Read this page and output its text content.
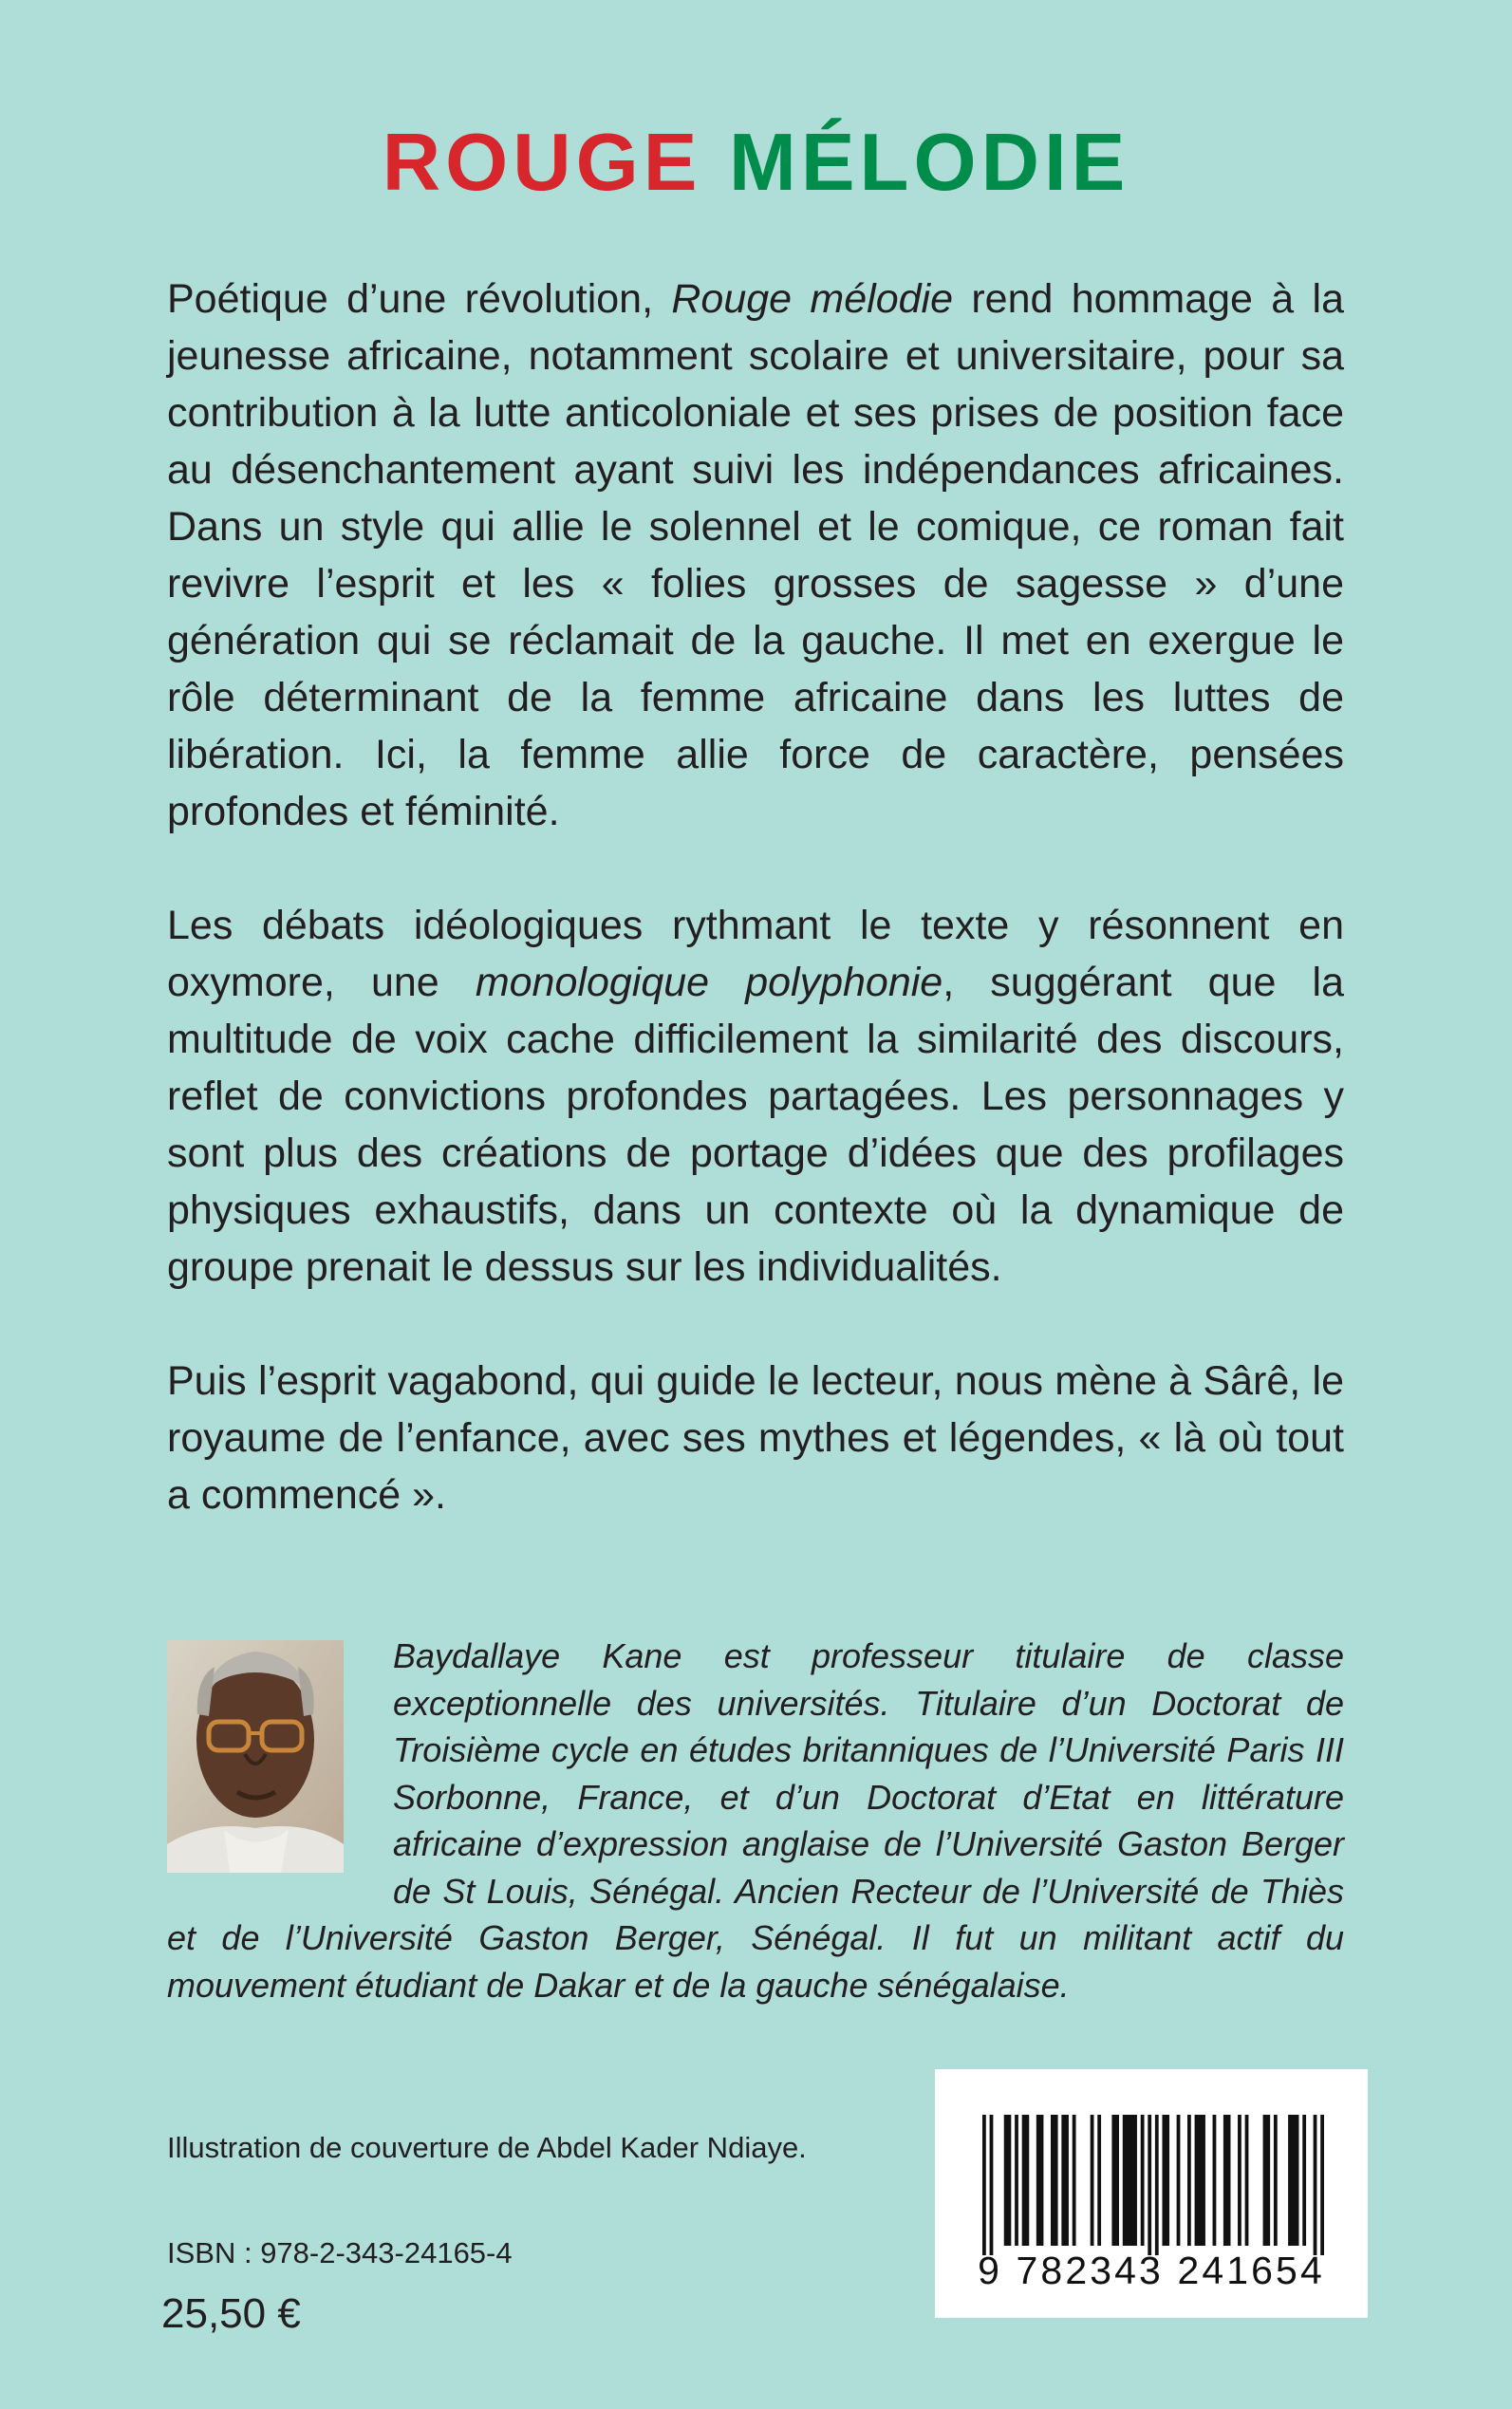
ROUGE MÉLODIE

Poétique d’une révolution, Rouge mélodie rend hommage à la jeunesse africaine, notamment scolaire et universitaire, pour sa contribution à la lutte anticoloniale et ses prises de position face au désenchantement ayant suivi les indépendances africaines. Dans un style qui allie le solennel et le comique, ce roman fait revivre l’esprit et les « folies grosses de sagesse » d’une génération qui se réclamait de la gauche. Il met en exergue le rôle déterminant de la femme africaine dans les luttes de libération. Ici, la femme allie force de caractère, pensées profondes et féminité.

Les débats idéologiques rythmant le texte y résonnent en oxymore, une monologique polyphonie, suggérant que la multitude de voix cache difficilement la similarité des discours, reflet de convictions profondes partagées. Les personnages y sont plus des créations de portage d’idées que des profilages physiques exhaustifs, dans un contexte où la dynamique de groupe prenait le dessus sur les individualités.

Puis l’esprit vagabond, qui guide le lecteur, nous mène à Sârê, le royaume de l’enfance, avec ses mythes et légendes, « là où tout a commencé ».

Baydallaye Kane est professeur titulaire de classe exceptionnelle des universités. Titulaire d’un Doctorat de Troisième cycle en études britanniques de l’Université Paris III Sorbonne, France, et d’un Doctorat d’Etat en littérature africaine d’expression anglaise de l’Université Gaston Berger de St Louis, Sénégal. Ancien Recteur de l’Université de Thiès et de l’Université Gaston Berger, Sénégal. Il fut un militant actif du mouvement étudiant de Dakar et de la gauche sénégalaise.

Illustration de couverture de Abdel Kader Ndiaye.
ISBN : 978-2-343-24165-4
25,50 €
9 782343 241654
